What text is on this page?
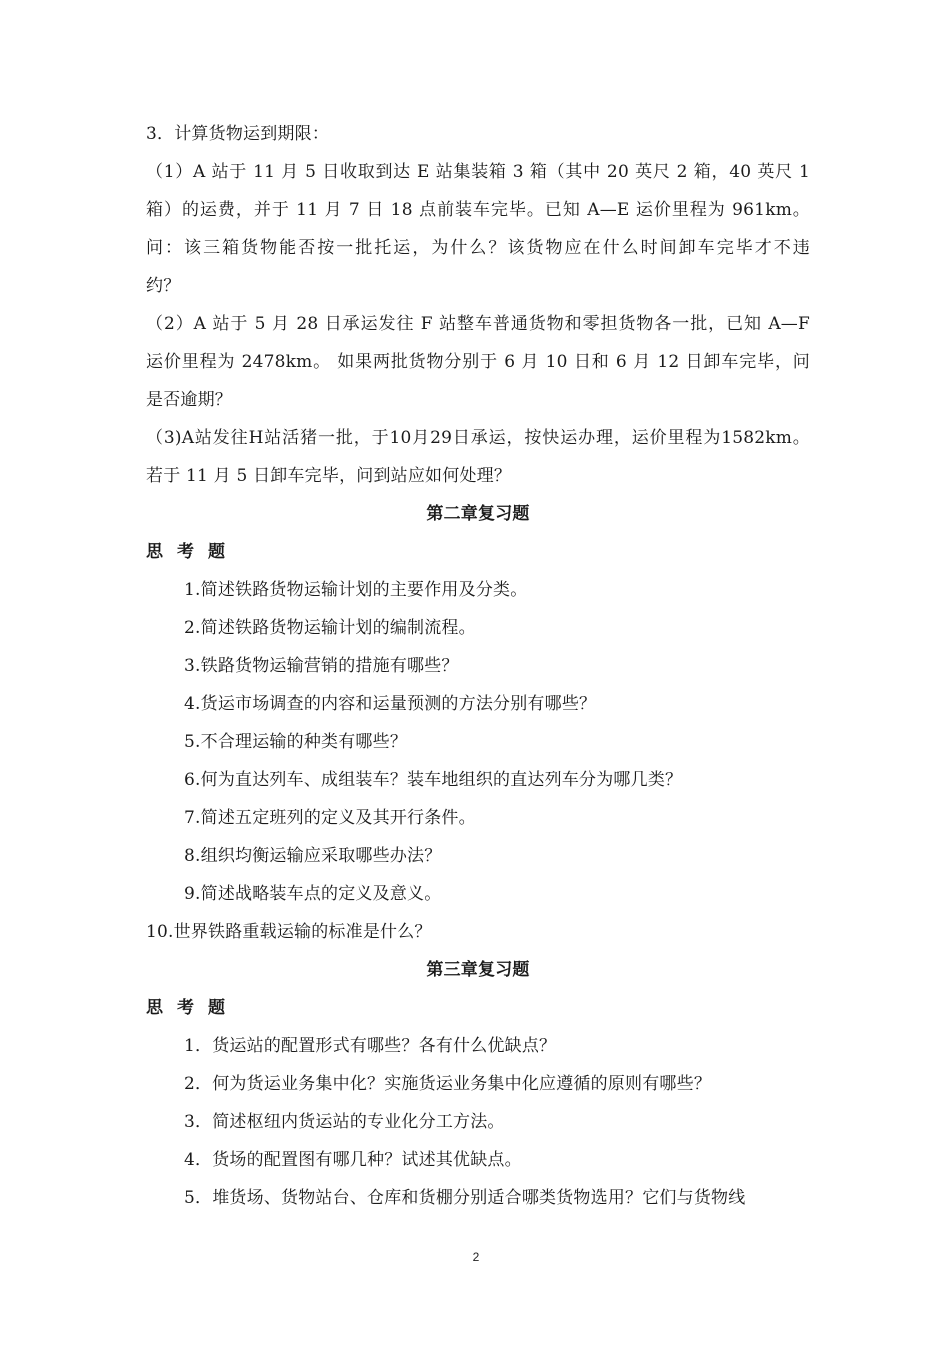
3．计算货物运到期限：
（1）A 站于 11 月 5 日收取到达 E 站集装箱 3 箱（其中 20 英尺 2 箱，40 英尺 1
箱）的运费，并于 11 月 7 日 18 点前装车完毕。已知 A—E 运价里程为 961km。
问：该三箱货物能否按一批托运，为什么？该货物应在什么时间卸车完毕才不违
约？
（2）A 站于 5 月 28 日承运发往 F 站整车普通货物和零担货物各一批，已知 A—F
运价里程为 2478km。 如果两批货物分别于 6 月 10 日和 6 月 12 日卸车完毕，问
是否逾期？
（3)A站发往H站活猪一批，于10月29日承运，按快运办理，运价里程为1582km。
若于 11 月 5 日卸车完毕，问到站应如何处理？
第二章复习题
思考题
1.简述铁路货物运输计划的主要作用及分类。
2.简述铁路货物运输计划的编制流程。
3.铁路货物运输营销的措施有哪些？
4.货运市场调查的内容和运量预测的方法分别有哪些？
5.不合理运输的种类有哪些？
6.何为直达列车、成组装车？装车地组织的直达列车分为哪几类？
7.简述五定班列的定义及其开行条件。
8.组织均衡运输应采取哪些办法？
9.简述战略装车点的定义及意义。
10.世界铁路重载运输的标准是什么？
第三章复习题
思考题
1．货运站的配置形式有哪些？各有什么优缺点？
2．何为货运业务集中化？实施货运业务集中化应遵循的原则有哪些？
3．简述枢纽内货运站的专业化分工方法。
4．货场的配置图有哪几种？试述其优缺点。
5．堆货场、货物站台、仓库和货棚分别适合哪类货物选用？它们与货物线
2
